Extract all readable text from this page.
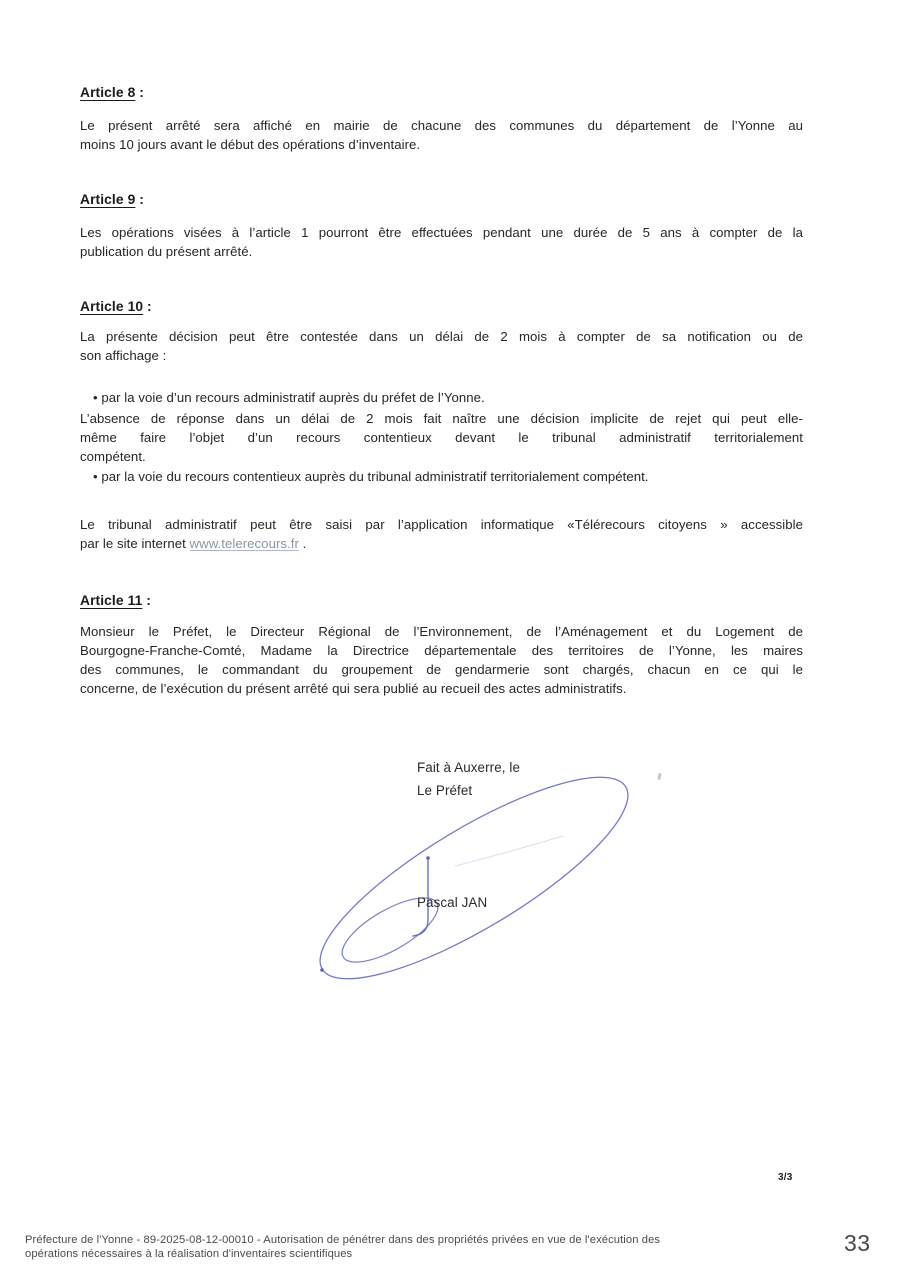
Article 8 :
Le présent arrêté sera affiché en mairie de chacune des communes du département de l’Yonne au
moins 10 jours avant le début des opérations d’inventaire.
Article 9 :
Les opérations visées à l’article 1 pourront être effectuées pendant une durée de 5 ans à compter de la
publication du présent arrêté.
Article 10 :
La présente décision peut être contestée dans un délai de 2 mois à compter de sa notification ou de
son affichage :
• par la voie d’un recours administratif auprès du préfet de l’Yonne.
L’absence de réponse dans un délai de 2 mois fait naître une décision implicite de rejet qui peut elle-
même faire l’objet d’un recours contentieux devant le tribunal administratif territorialement
compétent.
• par la voie du recours contentieux auprès du tribunal administratif territorialement compétent.
Le tribunal administratif peut être saisi par l’application informatique «Télérecours citoyens » accessible
par le site internet www.telerecours.fr .
Article 11 :
Monsieur le Préfet, le Directeur Régional de l’Environnement, de l’Aménagement et du Logement de
Bourgogne-Franche-Comté, Madame la Directrice départementale des territoires de l’Yonne, les maires
des communes, le commandant du groupement de gendarmerie sont chargés, chacun en ce qui le
concerne, de l’exécution du présent arrêté qui sera publié au recueil des actes administratifs.
Fait à Auxerre, le
Le Préfet
Pascal JAN
3/3
Préfecture de l'Yonne - 89-2025-08-12-00010 - Autorisation de pénétrer dans des propriétés privées en vue de l'exécution des
opérations nécessaires à la réalisation d'inventaires scientifiques	33
